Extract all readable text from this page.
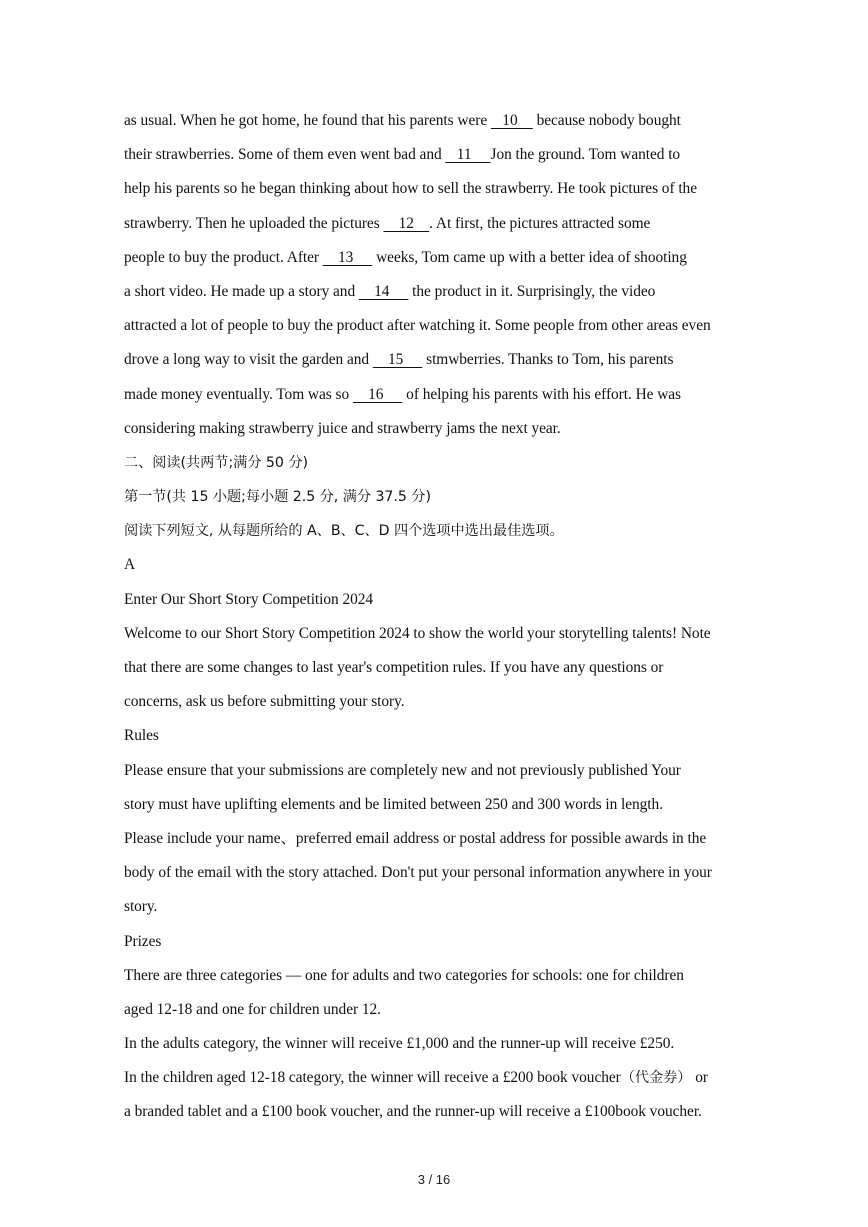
as usual. When he got home, he found that his parents were    10     because nobody bought
their strawberries. Some of them even went bad and    11     Jon the ground. Tom wanted to
help his parents so he began thinking about how to sell the strawberry. He took pictures of the
strawberry. Then he uploaded the pictures     12    . At first, the pictures attracted some
people to buy the product. After     13      weeks, Tom came up with a better idea of shooting
a short video. He made up a story and     14      the product in it. Surprisingly, the video
attracted a lot of people to buy the product after watching it. Some people from other areas even
drove a long way to visit the garden and     15      stmwberries. Thanks to Tom, his parents
made money eventually. Tom was so     16      of helping his parents with his effort. He was
considering making strawberry juice and strawberry jams the next year.
二、阅读(共两节;满分 50 分)
第一节(共 15 小题;每小题 2.5 分, 满分 37.5 分)
阅读下列短文, 从每题所给的 A、B、C、D 四个选项中选出最佳选项。
A
Enter Our Short Story Competition 2024
Welcome to our Short Story Competition 2024 to show the world your storytelling talents! Note
that there are some changes to last year's competition rules. If you have any questions or
concerns, ask us before submitting your story.
Rules
Please ensure that your submissions are completely new and not previously published Your
story must have uplifting elements and be limited between 250 and 300 words in length.
Please include your name、preferred email address or postal address for possible awards in the
body of the email with the story attached. Don't put your personal information anywhere in your
story.
Prizes
There are three categories — one for adults and two categories for schools: one for children
aged 12-18 and one for children under 12.
In the adults category, the winner will receive £1,000 and the runner-up will receive £250.
In the children aged 12-18 category, the winner will receive a £200 book voucher（代金券） or
a branded tablet and a £100 book voucher, and the runner-up will receive a £100book voucher.
3 / 16
